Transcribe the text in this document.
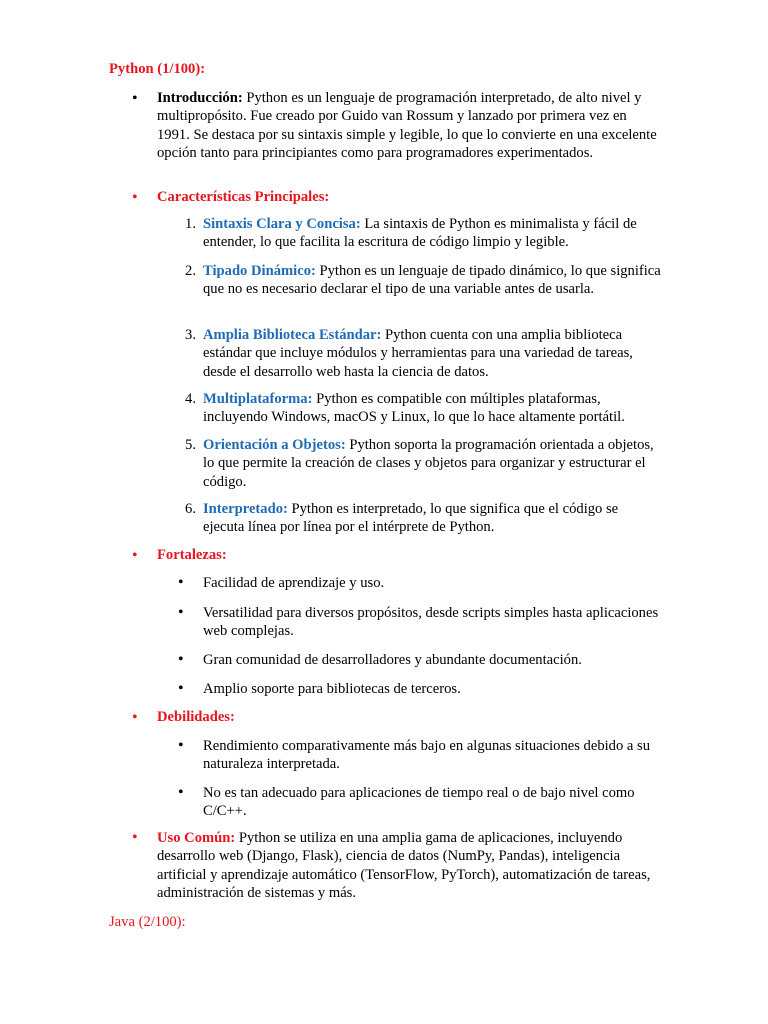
Python (1/100):
• Introducción: Python es un lenguaje de programación interpretado, de alto nivel y multipropósito. Fue creado por Guido van Rossum y lanzado por primera vez en 1991. Se destaca por su sintaxis simple y legible, lo que lo convierte en una excelente opción tanto para principiantes como para programadores experimentados.
• Características Principales:
1. Sintaxis Clara y Concisa: La sintaxis de Python es minimalista y fácil de entender, lo que facilita la escritura de código limpio y legible.
2. Tipado Dinámico: Python es un lenguaje de tipado dinámico, lo que significa que no es necesario declarar el tipo de una variable antes de usarla.
3. Amplia Biblioteca Estándar: Python cuenta con una amplia biblioteca estándar que incluye módulos y herramientas para una variedad de tareas, desde el desarrollo web hasta la ciencia de datos.
4. Multiplataforma: Python es compatible con múltiples plataformas, incluyendo Windows, macOS y Linux, lo que lo hace altamente portátil.
5. Orientación a Objetos: Python soporta la programación orientada a objetos, lo que permite la creación de clases y objetos para organizar y estructurar el código.
6. Interpretado: Python es interpretado, lo que significa que el código se ejecuta línea por línea por el intérprete de Python.
• Fortalezas:
•	Facilidad de aprendizaje y uso.
•	Versatilidad para diversos propósitos, desde scripts simples hasta aplicaciones web complejas.
•	Gran comunidad de desarrolladores y abundante documentación.
•	Amplio soporte para bibliotecas de terceros.
• Debilidades:
•	Rendimiento comparativamente más bajo en algunas situaciones debido a su naturaleza interpretada.
•	No es tan adecuado para aplicaciones de tiempo real o de bajo nivel como C/C++.
• Uso Común: Python se utiliza en una amplia gama de aplicaciones, incluyendo desarrollo web (Django, Flask), ciencia de datos (NumPy, Pandas), inteligencia artificial y aprendizaje automático (TensorFlow, PyTorch), automatización de tareas, administración de sistemas y más.
Java (2/100):
